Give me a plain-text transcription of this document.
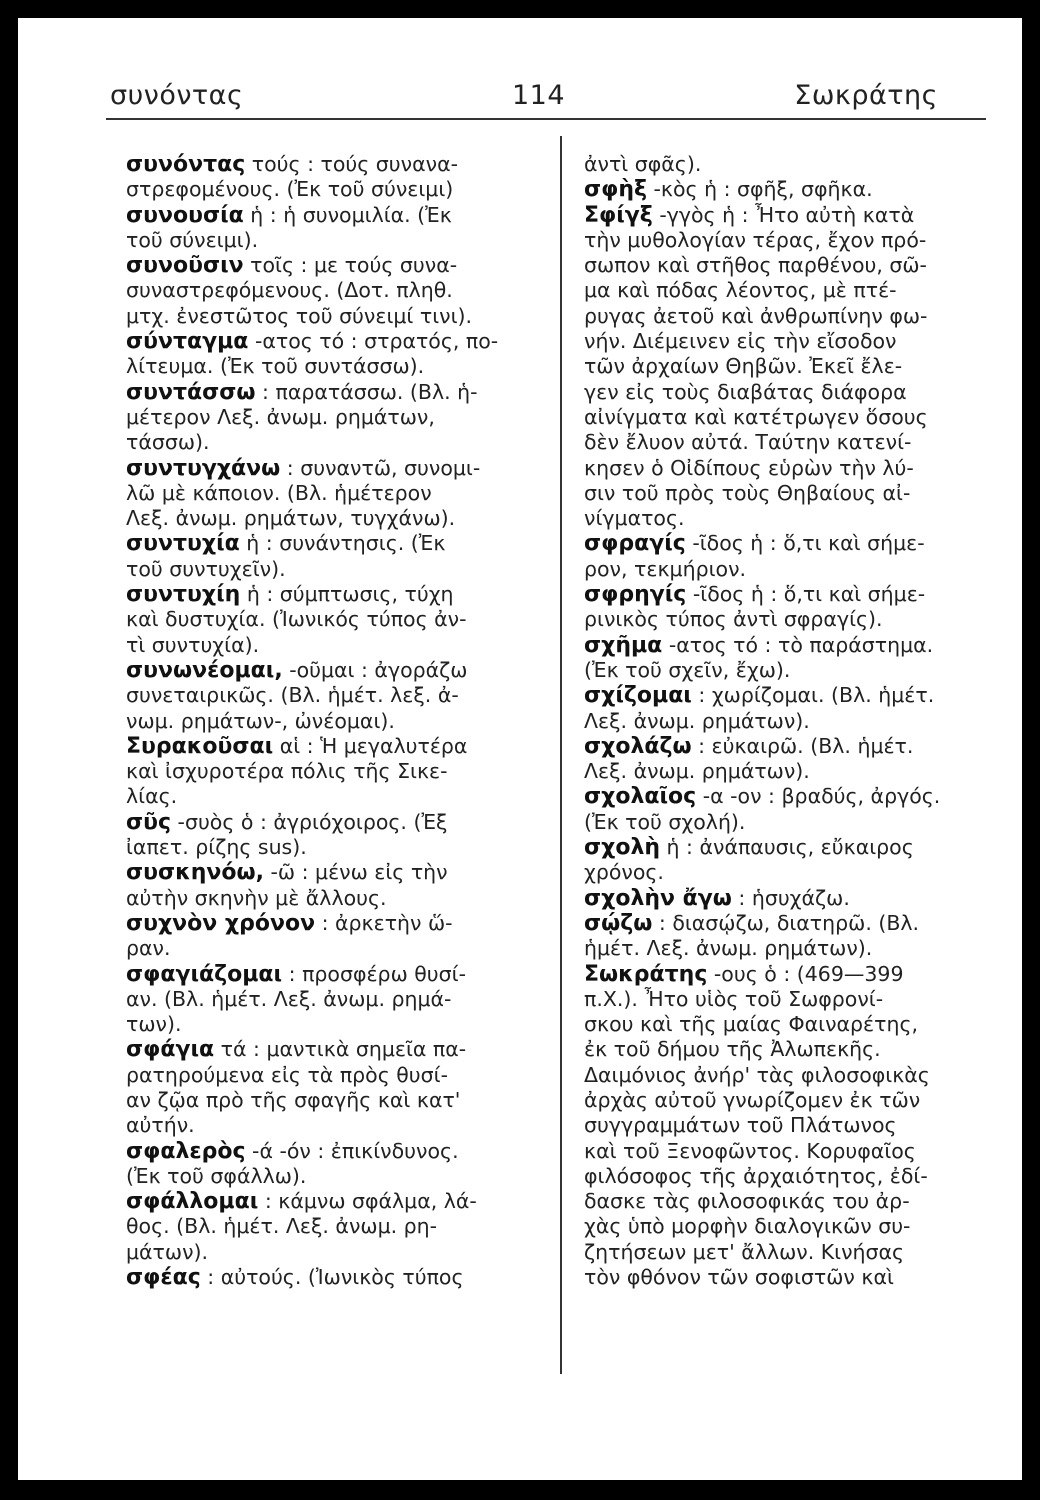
συνόντας	114	Σωκράτης
συνόντας τούς : τούς συνανα-
στρεφομένους. (Ἐκ τοῦ σύνειμι)
συνουσία ἡ : ἡ συνομιλία. (Ἐκ
τοῦ σύνειμι).
συνοῦσιν τοῖς : με τούς συνα-
συναστρεφόμενους. (Δοτ. πληθ.
μτχ. ἐνεστῶτος τοῦ σύνειμί τινι).
σύνταγμα -ατος τό : στρατός, πο-
λίτευμα. (Ἐκ τοῦ συντάσσω).
συντάσσω : παρατάσσω. (Βλ. ἡ-
μέτερον Λεξ. ἀνωμ. ρημάτων,
τάσσω).
συντυγχάνω : συναντῶ, συνομι-
λῶ μὲ κάποιον. (Βλ. ἡμέτερον
Λεξ. ἀνωμ. ρημάτων, τυγχάνω).
συντυχία ἡ : συνάντησις. (Ἐκ
τοῦ συντυχεῖν).
συντυχίη ἡ : σύμπτωσις, τύχη
καὶ δυστυχία. (Ἰωνικός τύπος ἀν-
τὶ συντυχία).
συνωνέομαι, -οῦμαι : ἀγοράζω
συνεταιρικῶς. (Βλ. ἡμέτ. λεξ. ἀ-
νωμ. ρημάτων-, ὠνέομαι).
Συρακοῦσαι αἱ : Ἡ μεγαλυτέρα
καὶ ἰσχυροτέρα πόλις τῆς Σικε-
λίας.
σῦς -συὸς ὁ : ἀγριόχοιρος. (Ἐξ
ἰαπετ. ρίζης sus).
συσκηνόω, -ῶ : μένω εἰς τὴν
αὐτὴν σκηνὴν μὲ ἄλλους.
συχνὸν χρόνον : ἀρκετὴν ὥ-
ραν.
σφαγιάζομαι : προσφέρω θυσί-
αν. (Βλ. ἡμέτ. Λεξ. ἀνωμ. ρημά-
των).
σφάγια τά : μαντικὰ σημεῖα πα-
ρατηρούμενα εἰς τὰ πρὸς θυσί-
αν ζῷα πρὸ τῆς σφαγῆς καὶ κατ'
αὐτήν.
σφαλερὸς -ά -όν : ἐπικίνδυνος.
(Ἐκ τοῦ σφάλλω).
σφάλλομαι : κάμνω σφάλμα, λά-
θος. (Βλ. ἡμέτ. Λεξ. ἀνωμ. ρη-
μάτων).
σφέας : αὐτούς. (Ἰωνικὸς τύπος
ἀντὶ σφᾶς).
σφὴξ -κὸς ἡ : σφῆξ, σφῆκα.
Σφίγξ -γγὸς ἡ : Ἦτο αὐτὴ κατὰ
τὴν μυθολογίαν τέρας, ἔχον πρό-
σωπον καὶ στῆθος παρθένου, σῶ-
μα καὶ πόδας λέοντος, μὲ πτέ-
ρυγας ἀετοῦ καὶ ἀνθρωπίνην φω-
νήν. Διέμεινεν εἰς τὴν εἴσοδον
τῶν ἀρχαίων Θηβῶν. Ἐκεῖ ἔλε-
γεν εἰς τοὺς διαβάτας διάφορα
αἰνίγματα καὶ κατέτρωγεν ὅσους
δὲν ἔλυον αὐτά. Ταύτην κατενί-
κησεν ὁ Οἰδίπους εὑρὼν τὴν λύ-
σιν τοῦ πρὸς τοὺς Θηβαίους αἰ-
νίγματος.
σφραγίς -ῖδος ἡ : ὅ,τι καὶ σήμε-
ρον, τεκμήριον.
σφρηγίς -ῖδος ἡ : ὅ,τι καὶ σήμε-
ρινικὸς τύπος ἀντὶ σφραγίς).
σχῆμα -ατος τό : τὸ παράστημα.
(Ἐκ τοῦ σχεῖν, ἔχω).
σχίζομαι : χωρίζομαι. (Βλ. ἡμέτ.
Λεξ. ἀνωμ. ρημάτων).
σχολάζω : εὐκαιρῶ. (Βλ. ἡμέτ.
Λεξ. ἀνωμ. ρημάτων).
σχολαῖος -α -ον : βραδύς, ἀργός.
(Ἐκ τοῦ σχολή).
σχολὴ ἡ : ἀνάπαυσις, εὔκαιρος
χρόνος.
σχολὴν ἄγω : ἡσυχάζω.
σῴζω : διασῴζω, διατηρῶ. (Βλ.
ἡμέτ. Λεξ. ἀνωμ. ρημάτων).
Σωκράτης -ους ὁ : (469—399
π.Χ.). Ἦτο υἱὸς τοῦ Σωφρονί-
σκου καὶ τῆς μαίας Φαιναρέτης,
ἐκ τοῦ δήμου τῆς Ἀλωπεκῆς.
Δαιμόνιος ἀνήρ' τὰς φιλοσοφικὰς
ἀρχὰς αὐτοῦ γνωρίζομεν ἐκ τῶν
συγγραμμάτων τοῦ Πλάτωνος
καὶ τοῦ Ξενοφῶντος. Κορυφαῖος
φιλόσοφος τῆς ἀρχαιότητος, ἐδί-
δασκε τὰς φιλοσοφικάς του ἀρ-
χὰς ὑπὸ μορφὴν διαλογικῶν συ-
ζητήσεων μετ' ἄλλων. Κινήσας
τὸν φθόνον τῶν σοφιστῶν καὶ
